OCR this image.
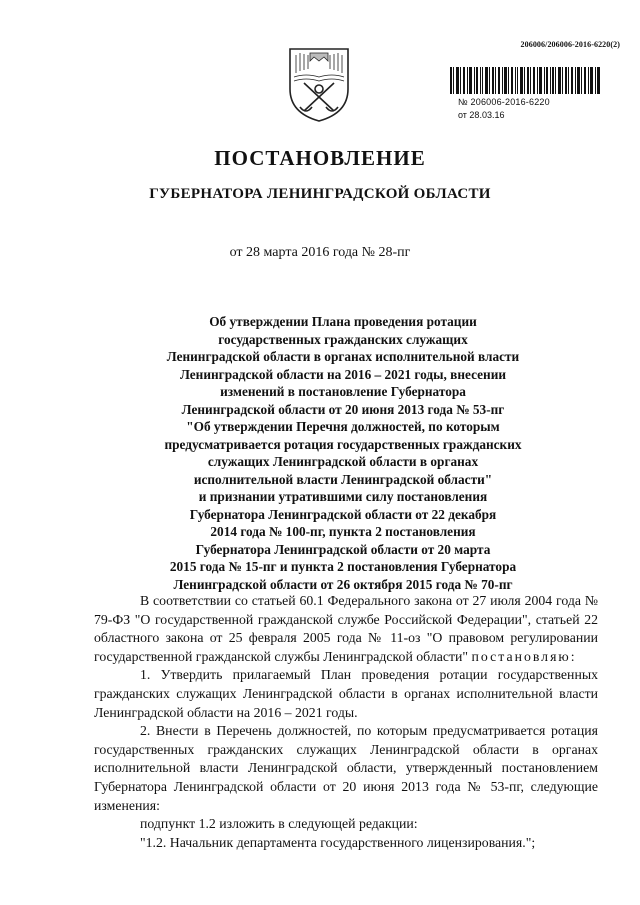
206006/206006-2016-6220(2)
№ 206006-2016-6220
от 28.03.16
ПОСТАНОВЛЕНИЕ
ГУБЕРНАТОРА ЛЕНИНГРАДСКОЙ ОБЛАСТИ
от 28 марта 2016 года № 28-пг
Об утверждении Плана проведения ротации
государственных гражданских служащих
Ленинградской области в органах исполнительной власти
Ленинградской области на 2016 – 2021 годы, внесении
изменений в постановление Губернатора
Ленинградской области от 20 июня 2013 года № 53-пг
"Об утверждении Перечня должностей, по которым
предусматривается ротация государственных гражданских
служащих Ленинградской области в органах
исполнительной власти Ленинградской области"
и признании утратившими силу постановления
Губернатора Ленинградской области от 22 декабря
2014 года № 100-пг, пункта 2 постановления
Губернатора Ленинградской области от 20 марта
2015 года № 15-пг и пункта 2 постановления Губернатора
Ленинградской области от 26 октября 2015 года № 70-пг

В соответствии со статьей 60.1 Федерального закона от 27 июля 2004 года № 79-ФЗ "О государственной гражданской службе Российской Федерации", статьей 22 областного закона от 25 февраля 2005 года № 11-оз "О правовом регулировании государственной гражданской службы Ленинградской области" постановляю:

1. Утвердить прилагаемый План проведения ротации государственных гражданских служащих Ленинградской области в органах исполнительной власти Ленинградской области на 2016 – 2021 годы.

2. Внести в Перечень должностей, по которым предусматривается ротация государственных гражданских служащих Ленинградской области в органах исполнительной власти Ленинградской области, утвержденный постановлением Губернатора Ленинградской области от 20 июня 2013 года № 53-пг, следующие изменения:

подпункт 1.2 изложить в следующей редакции:

"1.2. Начальник департамента государственного лицензирования.";
